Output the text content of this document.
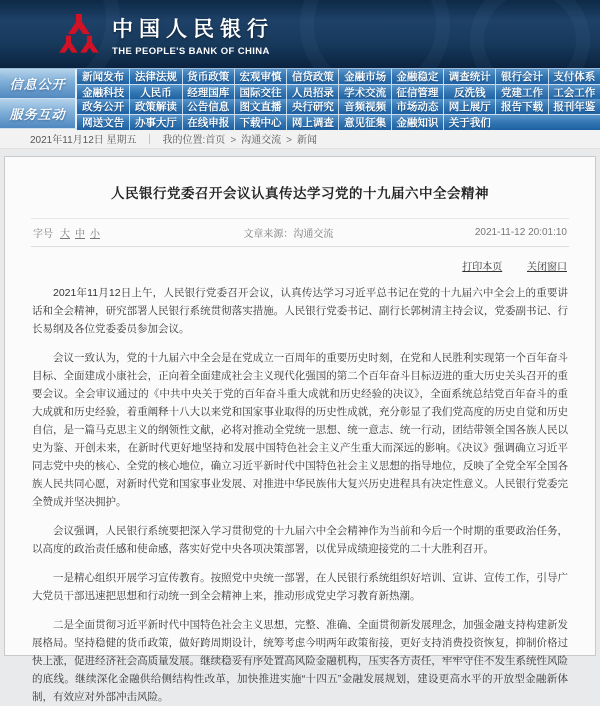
中国人民银行
THE PEOPLE'S BANK OF CHINA
信息公开	新闻发布	法律法规 货币政策 宏观审慎 信贷政策 金融市场 金融稳定 调查统计 银行会计 支付体系
金融科技	人民币	经理国库 国际交往 人员招录 学术交流 征信管理	反洗钱	党建工作 工会工作
服务互动	政务公开	政策解读 公告信息 图文直播 央行研究 音频视频 市场动态 网上展厅 报告下载 报刊年鉴
网送文告	办事大厅 在线申报 下载中心 网上调查 意见征集 金融知识 关于我们
2021年11月12日 星期五 ｜ 我的位置: 首页 > 沟通交流 > 新闻
人民银行党委召开会议认真传达学习党的十九届六中全会精神
字号 大 中 小	文章来源：沟通交流	2021-11-12 20:01:10
打印本页 关闭窗口

2021年11月12日上午，人民银行党委召开会议，认真传达学习习近平总书记在党的十九届六中全会上的重要讲话和全会精神，研究部署人民银行系统贯彻落实措施。人民银行党委书记、副行长郭树清主持会议，党委副书记、行长易纲及各位党委委员参加会议。

会议一致认为，党的十九届六中全会是在党成立一百周年的重要历史时刻，在党和人民胜利实现第一个百年奋斗目标、全面建成小康社会，正向着全面建成社会主义现代化强国的第二个百年奋斗目标迈进的重大历史关头召开的重要会议。全会审议通过的《中共中央关于党的百年奋斗重大成就和历史经验的决议》，全面系统总结党百年奋斗的重大成就和历史经验，着重阐释十八大以来党和国家事业取得的历史性成就，充分彰显了我们党高度的历史自觉和历史自信，是一篇马克思主义的纲领性文献，必将对推动全党统一思想、统一意志、统一行动，团结带领全国各族人民以史为鉴、开创未来，在新时代更好地坚持和发展中国特色社会主义产生重大而深远的影响。《决议》强调确立习近平同志党中央的核心、全党的核心地位，确立习近平新时代中国特色社会主义思想的指导地位，反映了全党全军全国各族人民共同心愿，对新时代党和国家事业发展、对推进中华民族伟大复兴历史进程具有决定性意义。人民银行党委完全赞成并坚决拥护。

会议强调，人民银行系统要把深入学习贯彻党的十九届六中全会精神作为当前和今后一个时期的重要政治任务，以高度的政治责任感和使命感，落实好党中央各项决策部署，以优异成绩迎接党的二十大胜利召开。

一是精心组织开展学习宣传教育。按照党中央统一部署，在人民银行系统组织好培训、宣讲、宣传工作，引导广大党员干部迅速把思想和行动统一到全会精神上来，推动形成党史学习教育新热潮。

二是全面贯彻习近平新时代中国特色社会主义思想，完整、准确、全面贯彻新发展理念，加强金融支持构建新发展格局。坚持稳健的货币政策，做好跨周期设计，统筹考虑今明两年政策衔接，更好支持消费投资恢复，抑制价格过快上涨，促进经济社会高质量发展。继续稳妥有序处置高风险金融机构，压实各方责任，牢牢守住不发生系统性风险的底线。继续深化金融供给侧结构性改革，加快推进实施“十四五”金融发展规划，建设更高水平的开放型金融新体制，有效应对外部冲击风险。
